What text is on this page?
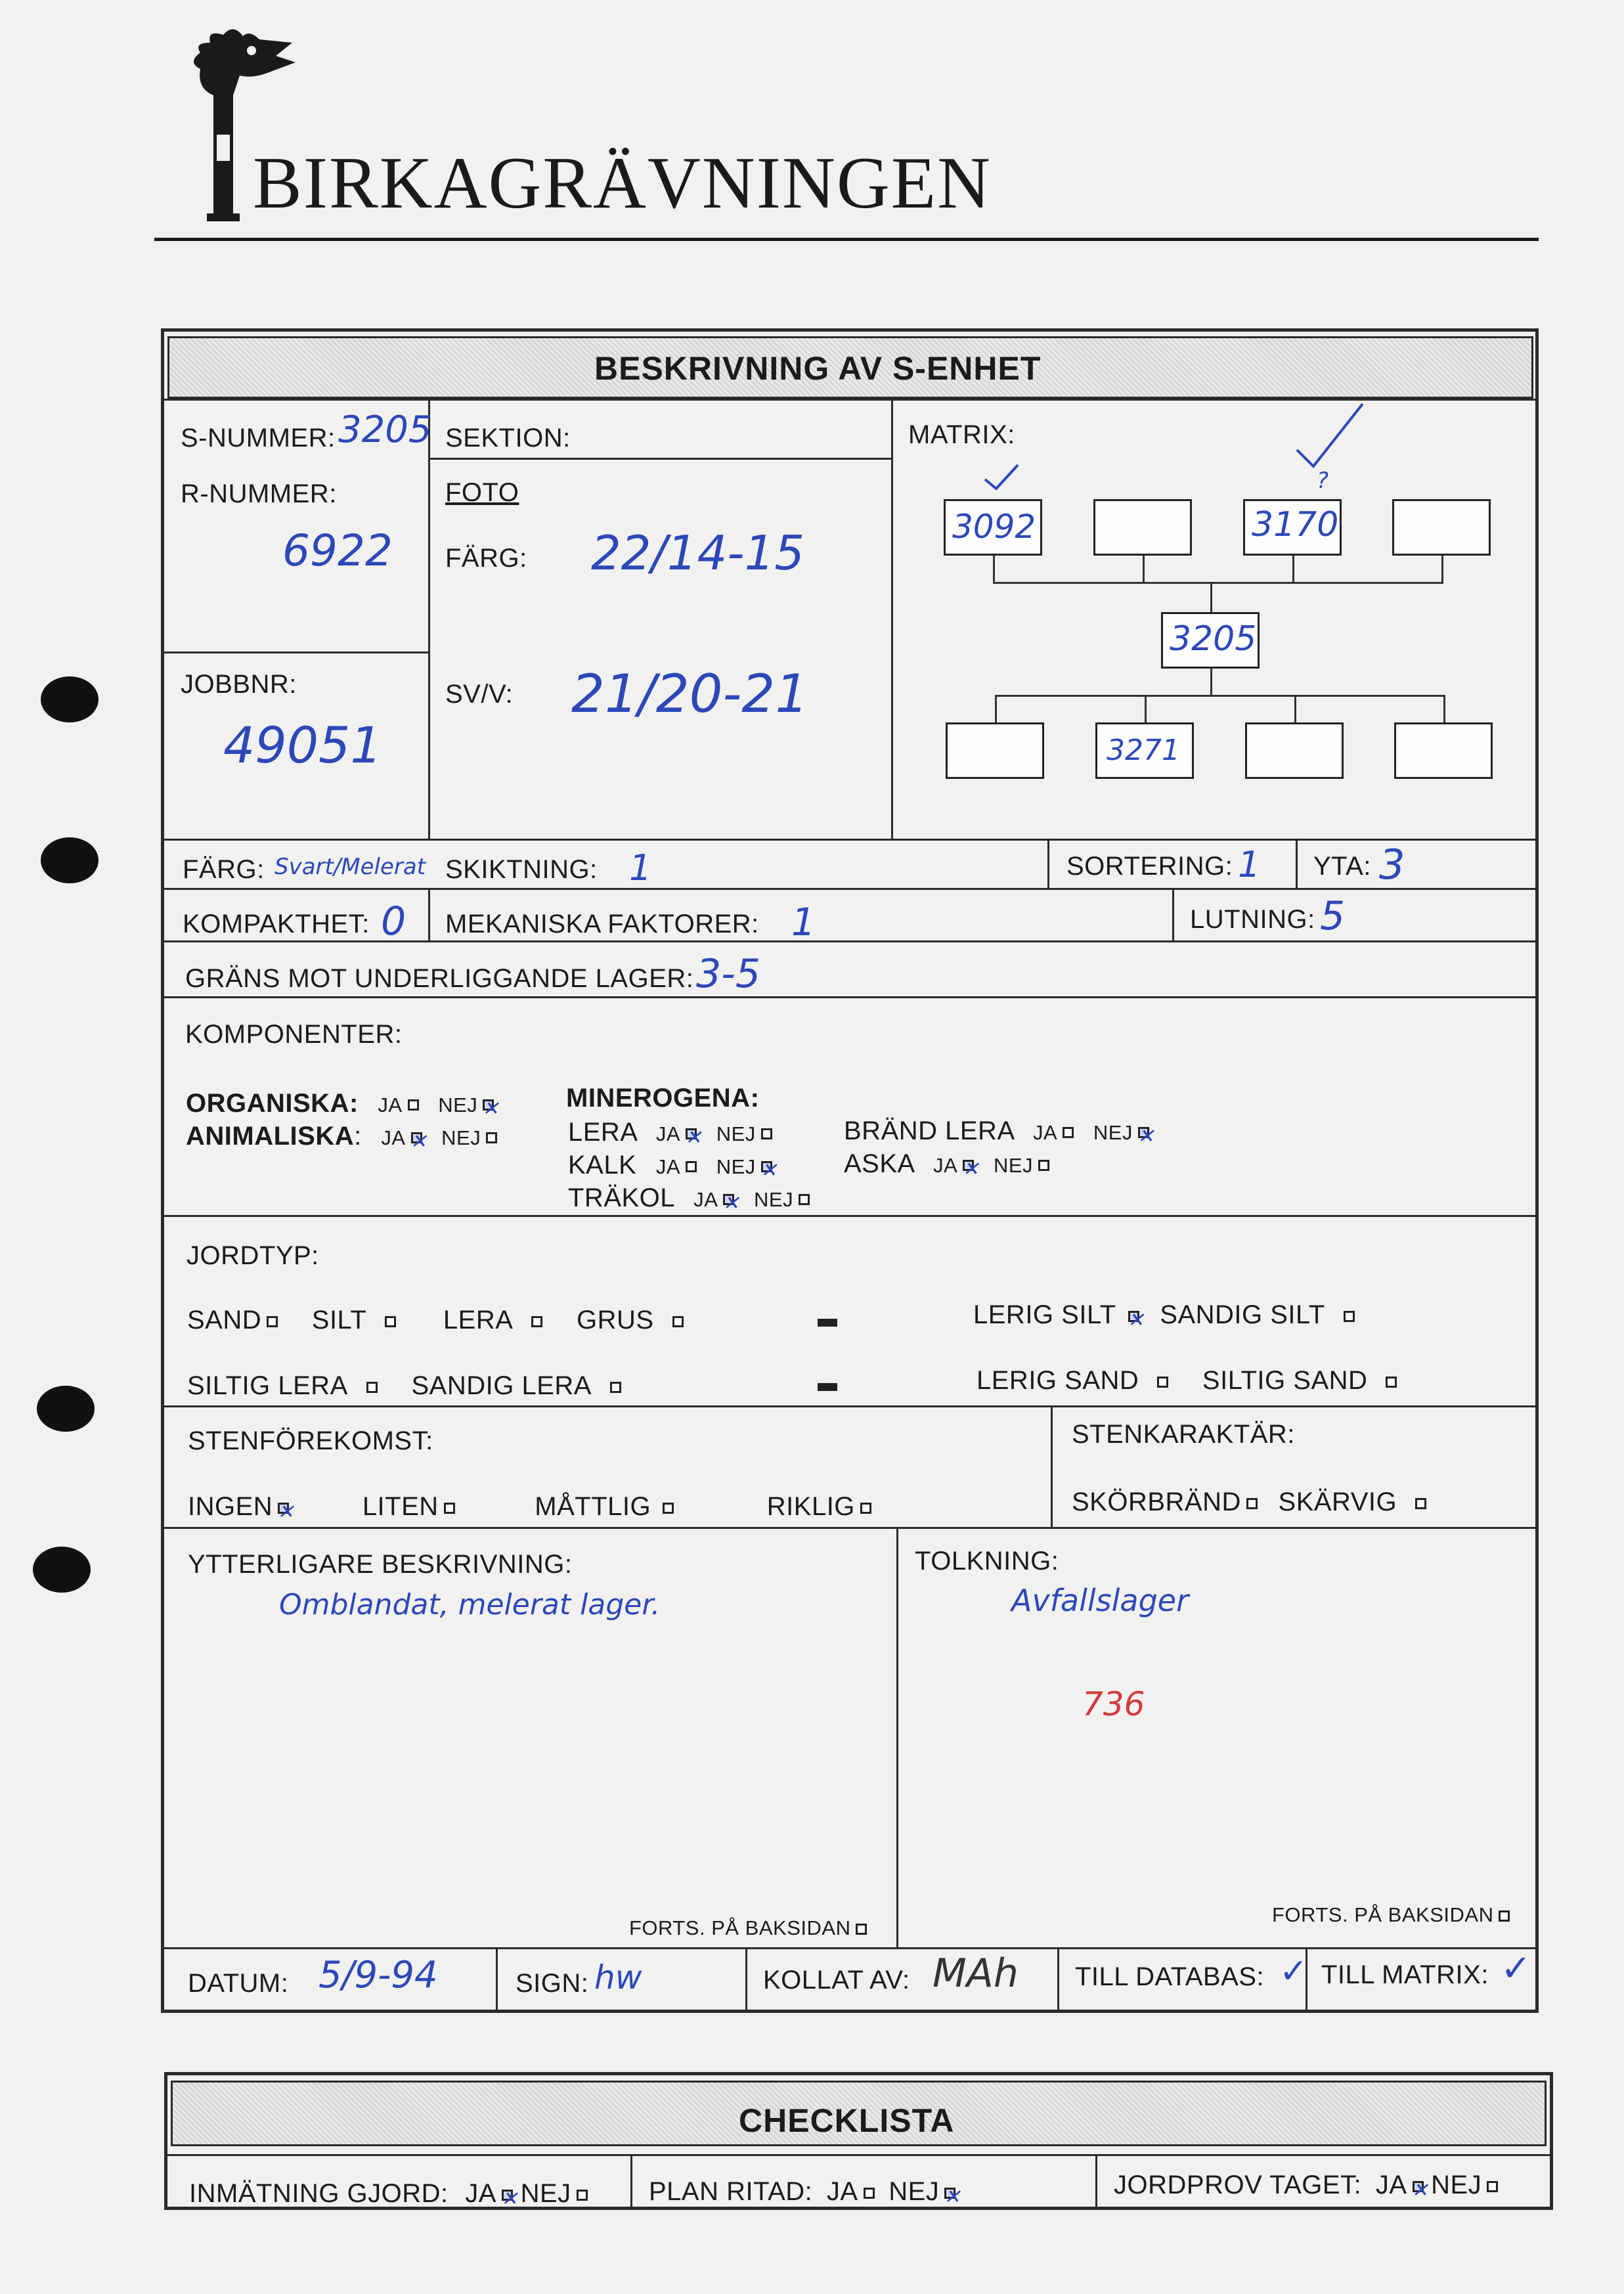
BIRKAGRÄVNINGEN
BESKRIVNING AV S-ENHET
S-NUMMER: 3205 SEKTION:	MATRIX:
R-NUMMER:
6922
FOTO
FÄRG: 22/14-15
JOBBNR:
49051
SV/V: 21/20-21
3092	3170
?
3205
3271
FÄRG: Svart/Melerat SKIKTNING: 1	SORTERING: 1 YTA: 3
KOMPAKTHET: 0 MEKANISKA FAKTORER: 1	LUTNING: 5
GRÄNS MOT UNDERLIGGANDE LAGER: 3-5
KOMPONENTER:
ORGANISKA: JA NEJ✕
ANIMALISKA: JA ✕ NEJ
MINEROGENA:
LERA JA ✕ NEJ	BRÄND LERA JA NEJ✕
KALK JA NEJ ✕	ASKA JA ✕ NEJ
TRÄKOL JA ✕ NEJ
JORDTYP:
SAND SILT	LERA GRUS	LERIG SILT ✕ SANDIG SILT
SILTIG LERA SANDIG LERA	LERIG SAND SILTIG SAND
STENFÖREKOMST:
INGEN ✕	LITEN	MÅTTLIG	RIKLIG
STENKARAKTÄR:
SKÖRBRÄND SKÄRVIG
YTTERLIGARE BESKRIVNING:
Omblandat, melerat lager.
FORTS. PÅ BAKSIDAN
TOLKNING:
Avfallslager
736
FORTS. PÅ BAKSIDAN
DATUM: 5/9-94	SIGN: hw	KOLLAT AV: MAh TILL DATABAS: ✓ TILL MATRIX: ✓
CHECKLISTA
INMÄTNING GJORD: JA ✕ NEJ	PLAN RITAD: JA NEJ ✕	JORDPROV TAGET: JA ✕ NEJ
